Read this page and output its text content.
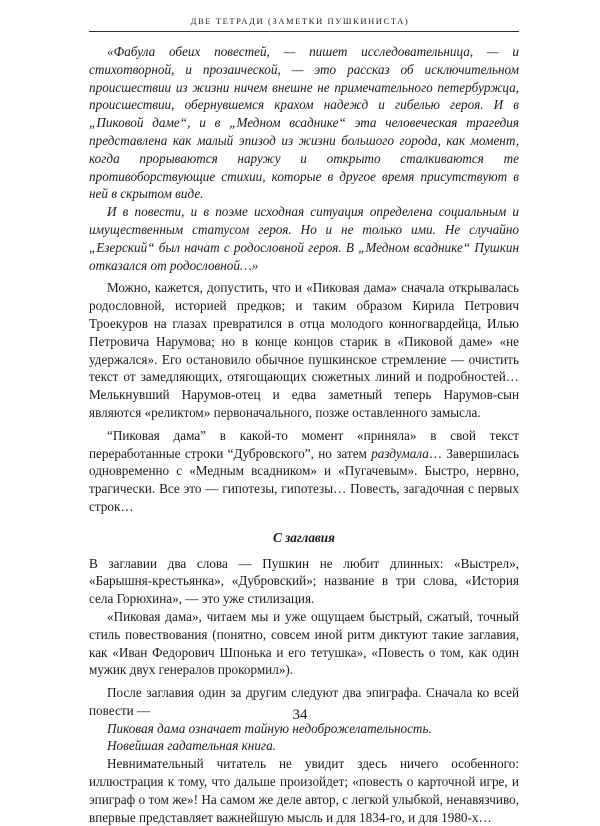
ДВЕ ТЕТРАДИ (ЗАМЕТКИ ПУШКИНИСТА)

«Фабула обеих повестей, — пишет исследовательница, — и стихотворной, и прозаической, — это рассказ об исключительном происшествии из жизни ничем внешне не примечательного петербуржца, происшествии, обернувшемся крахом надежд и гибелью героя. И в „Пиковой даме“, и в „Медном всаднике“ эта человеческая трагедия представлена как малый эпизод из жизни большого города, как момент, когда прорываются наружу и открыто сталкиваются те противоборствующие стихии, которые в другое время присутствуют в ней в скрытом виде.

И в повести, и в поэме исходная ситуация определена социальным и имущественным статусом героя. Но и не только ими. Не случайно „Езерский“ был начат с родословной героя. В „Медном всаднике“ Пушкин отказался от родословной…»

Можно, кажется, допустить, что и «Пиковая дама» сначала открывалась родословной, историей предков; и таким образом Кирила Петрович Троекуров на глазах превратился в отца молодого конногвардейца, Илью Петровича Нарумова; но в конце концов старик в «Пиковой даме» «не удержался». Его остановило обычное пушкинское стремление — очистить текст от замедляющих, отягощающих сюжетных линий и подробностей… Мелькнувший Нарумов-отец и едва заметный теперь Нарумов-сын являются «реликтом» первоначального, позже оставленного замысла.

“Пиковая дама” в какой-то момент «приняла» в свой текст переработанные строки “Дубровского”, но затем раздумала… Завершилась одновременно с «Медным всадником» и «Пугачевым». Быстро, нервно, трагически. Все это — гипотезы, гипотезы… Повесть, загадочная с первых строк…

С заглавия

В заглавии два слова — Пушкин не любит длинных: «Выстрел», «Барышня-крестьянка», «Дубровский»; название в три слова, «История села Горюхина», — это уже стилизация.

«Пиковая дама», читаем мы и уже ощущаем быстрый, сжатый, точный стиль повествования (понятно, совсем иной ритм диктуют такие заглавия, как «Иван Федорович Шпонька и его тетушка», «Повесть о том, как один мужик двух генералов прокормил»).

После заглавия один за другим следуют два эпиграфа. Сначала ко всей повести —

Пиковая дама означает тайную недоброжелательность.

Новейшая гадательная книга.

Невнимательный читатель не увидит здесь ничего особенного: иллюстрация к тому, что дальше произойдет; «повесть о карточной игре, и эпиграф о том же»! На самом же деле автор, с легкой улыбкой, ненавязчиво, впервые представляет важнейшую мысль и для 1834-го, и для 1980-х…

34
